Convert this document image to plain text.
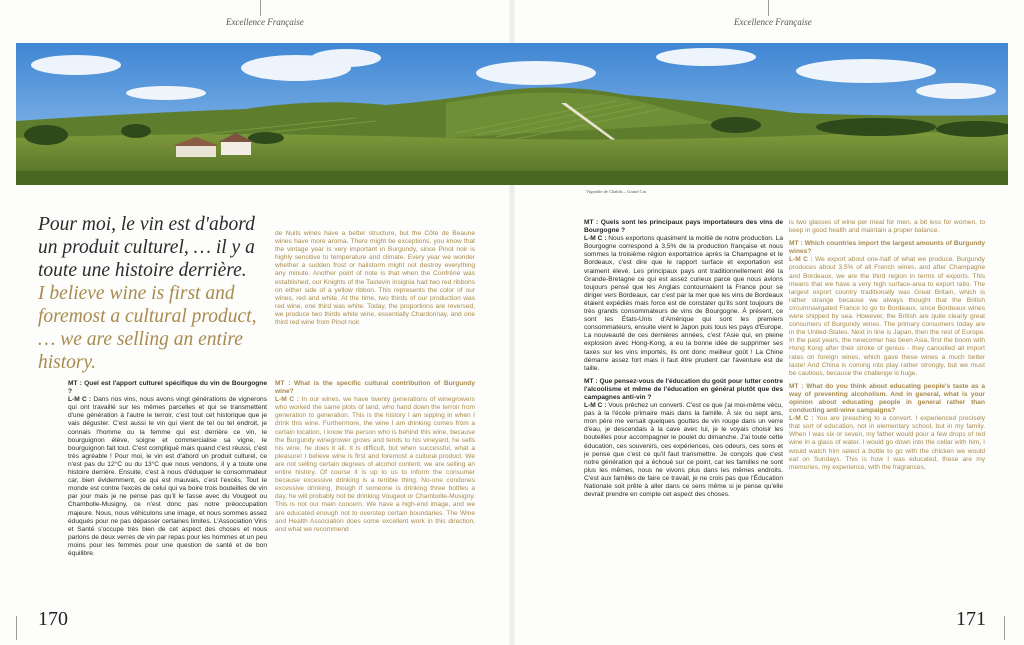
Excellence Française
Pour moi, le vin est d'abord un produit culturel, … il y a toute une histoire derrière.
I believe wine is first and foremost a cultural product, … we are selling an entire history.

de Nuits wines have a better structure, but the Côte de Beaune wines have more aroma. There might be exceptions, you know that the vintage year is very important in Burgundy, since Pinot noir is highly sensitive to temperature and climate. Every year we wonder whether a sudden frost or hailstorm might not destroy everything any minute. Another point of note is that when the Confrérie was established, our Knights of the Tastevin insignia had two red ribbons on either side of a yellow ribbon. This represents the color of our wines, red and white. At the time, two thirds of our production was red wine, one third was white. Today, the proportions are reversed, we produce two thirds white wine, essentially Chardonnay, and one third red wine from Pinot noir.

MT : Quel est l'apport culturel spécifique du vin de Bourgogne ?

L-M C : Dans nos vins, nous avons vingt générations de vignerons qui ont travaillé sur les mêmes parcelles et qui se transmettent d'une génération à l'autre le terroir, c'est tout cet historique que je vais déguster. C'est aussi le vin qui vient de tel ou tel endroit, je connais l'homme ou la femme qui est derrière ce vin, le bourguignon élève, soigne et commercialise sa vigne, le bourguignon fait tout. C'est compliqué mais quand c'est réussi, c'est très agréable ! Pour moi, le vin est d'abord un produit culturel, ce n'est pas du 12°C ou du 13°C que nous vendons, il y a toute une histoire derrière. Ensuite, c'est à nous d'éduquer le consommateur car, bien évidemment, ce qui est mauvais, c'est l'excès. Tout le monde est contre l'excès de celui qui va boire trois bouteilles de vin par jour mais je ne pense pas qu'il le fasse avec du Vougeot ou Chambolle-Musigny, ce n'est donc pas notre préoccupation majeure. Nous, nous véhiculons une image, et nous sommes assez éduqués pour ne pas dépasser certaines limites. L'Association Vins et Santé s'occupe très bien de cet aspect des choses et nous parlons de deux verres de vin par repas pour les hommes et un peu moins pour les femmes pour une question de santé et de bon équilibre.

MT : What is the specific cultural contribution of Burgundy wine?

L-M C : In our wines, we have twenty generations of winegrowers who worked the same plots of land, who hand down the terroir from generation to generation. This is the history I am sipping in when I drink this wine. Furthermore, the wine I am drinking comes from a certain location, I know the person who is behind this wine, because the Burgundy winegrower grows and tends to his vineyard, he sells his wine, he does it all. It is difficult, but when successful, what a pleasure! I believe wine is first and foremost a cultural product. We are not selling certain degrees of alcohol content, we are selling an entire history. Of course it is up to us to inform the consumer because excessive drinking is a terrible thing. No-one condones excessive drinking, though if someone is drinking three bottles a day, he will probably not be drinking Vougeot or Chambolle-Musigny. This is not our main concern. We have a high-end image, and we are educated enough not to overstep certain boundaries. The Wine and Health Association does some excellent work in this direction, and what we recommend

170
Excellence Française

MT : Quels sont les principaux pays importateurs des vins de Bourgogne ?

L-M C : Nous exportons quasiment la moitié de notre production. La Bourgogne correspond à 3,5% de la production française et nous sommes la troisième région exportatrice après la Champagne et le Bordeaux, c'est dire que le rapport surface et exportation est vraiment élevé. Les principaux pays ont traditionnellement été la Grande-Bretagne ce qui est assez curieux parce que nous avions toujours pensé que les Anglais contournaient la France pour se diriger vers Bordeaux, car c'est par la mer que les vins de Bordeaux étaient expédiés mais force est de constater qu'ils sont toujours de très grands consommateurs de vins de Bourgogne. À présent, ce sont les États-Unis d'Amérique qui sont les premiers consommateurs, ensuite vient le Japon puis tous les pays d'Europe. La nouveauté de ces dernières années, c'est l'Asie qui, en pleine explosion avec Hong-Kong, a eu la bonne idée de supprimer ses taxes sur les vins importés, ils ont donc meilleur goût ! La Chine démarre assez fort mais il faut être prudent car l'aventure est de taille.

MT : Que pensez-vous de l'éducation du goût pour lutter contre l'alcoolisme et même de l'éducation en général plutôt que des campagnes anti-vin ?

L-M C : Vous prêchez un converti. C'est ce que j'ai moi-même vécu, pas à la l'école primaire mais dans la famille. À six ou sept ans, mon père me versait quelques gouttes de vin rouge dans un verre d'eau, je descendais à la cave avec lui, je le voyais choisir les bouteilles pour accompagner le poulet du dimanche. J'ai toute cette éducation, ces souvenirs, ces expériences, ces odeurs, ces sons et je pense que c'est ce qu'il faut transmettre. Je conçois que c'est notre génération qui a échoué sur ce point, car les familles ne sont plus les mêmes, nous ne vivons plus dans les mêmes endroits. C'est aux familles de faire ce travail, je ne crois pas que l'Éducation Nationale soit prête à aller dans ce sens même si je pense qu'elle devrait prendre en compte cet aspect des choses.

is two glasses of wine per meal for men, a bit less for women, to keep in good health and maintain a proper balance.

MT : Which countries import the largest amounts of Burgundy wines?

L-M C : We export about one-half of what we produce. Burgundy produces about 3.5% of all French wines, and after Champagne and Bordeaux, we are the third region in terms of exports. This means that we have a very high surface-area to export ratio. The largest export country traditionally was Great Britain, which is rather strange because we always thought that the British circumnavigated France to go to Bordeaux, since Bordeaux wines were shipped by sea. However, the British are quite clearly great consumers of Burgundy wines. The primary consumers today are in the United-States. Next in line is Japan, then the rest of Europe. In the past years, the newcomer has been Asia, first the boom with Hong Kong after their stroke of genius - they cancelled all import rates on foreign wines, which gave these wines a much better taste! And China is coming into play rather strongly, but we must be cautious, because the challenge is huge.

MT : What do you think about educating people's taste as a way of preventing alcoholism. And in general, what is your opinion about educating people in general rather than conducting anti-wine campaigns?

L-M C : You are preaching to a convert. I experienced precisely that sort of education, not in elementary school, but in my family. When I was six or seven, my father would pour a few drops of red wine in a glass of water. I would go down into the cellar with him, I would watch him select a bottle to go with the chicken we would eat on Sundays. This is how I was educated, these are my memories, my experience, with the fragrances,

171
Vignoble de Chablis – Grand Cru
